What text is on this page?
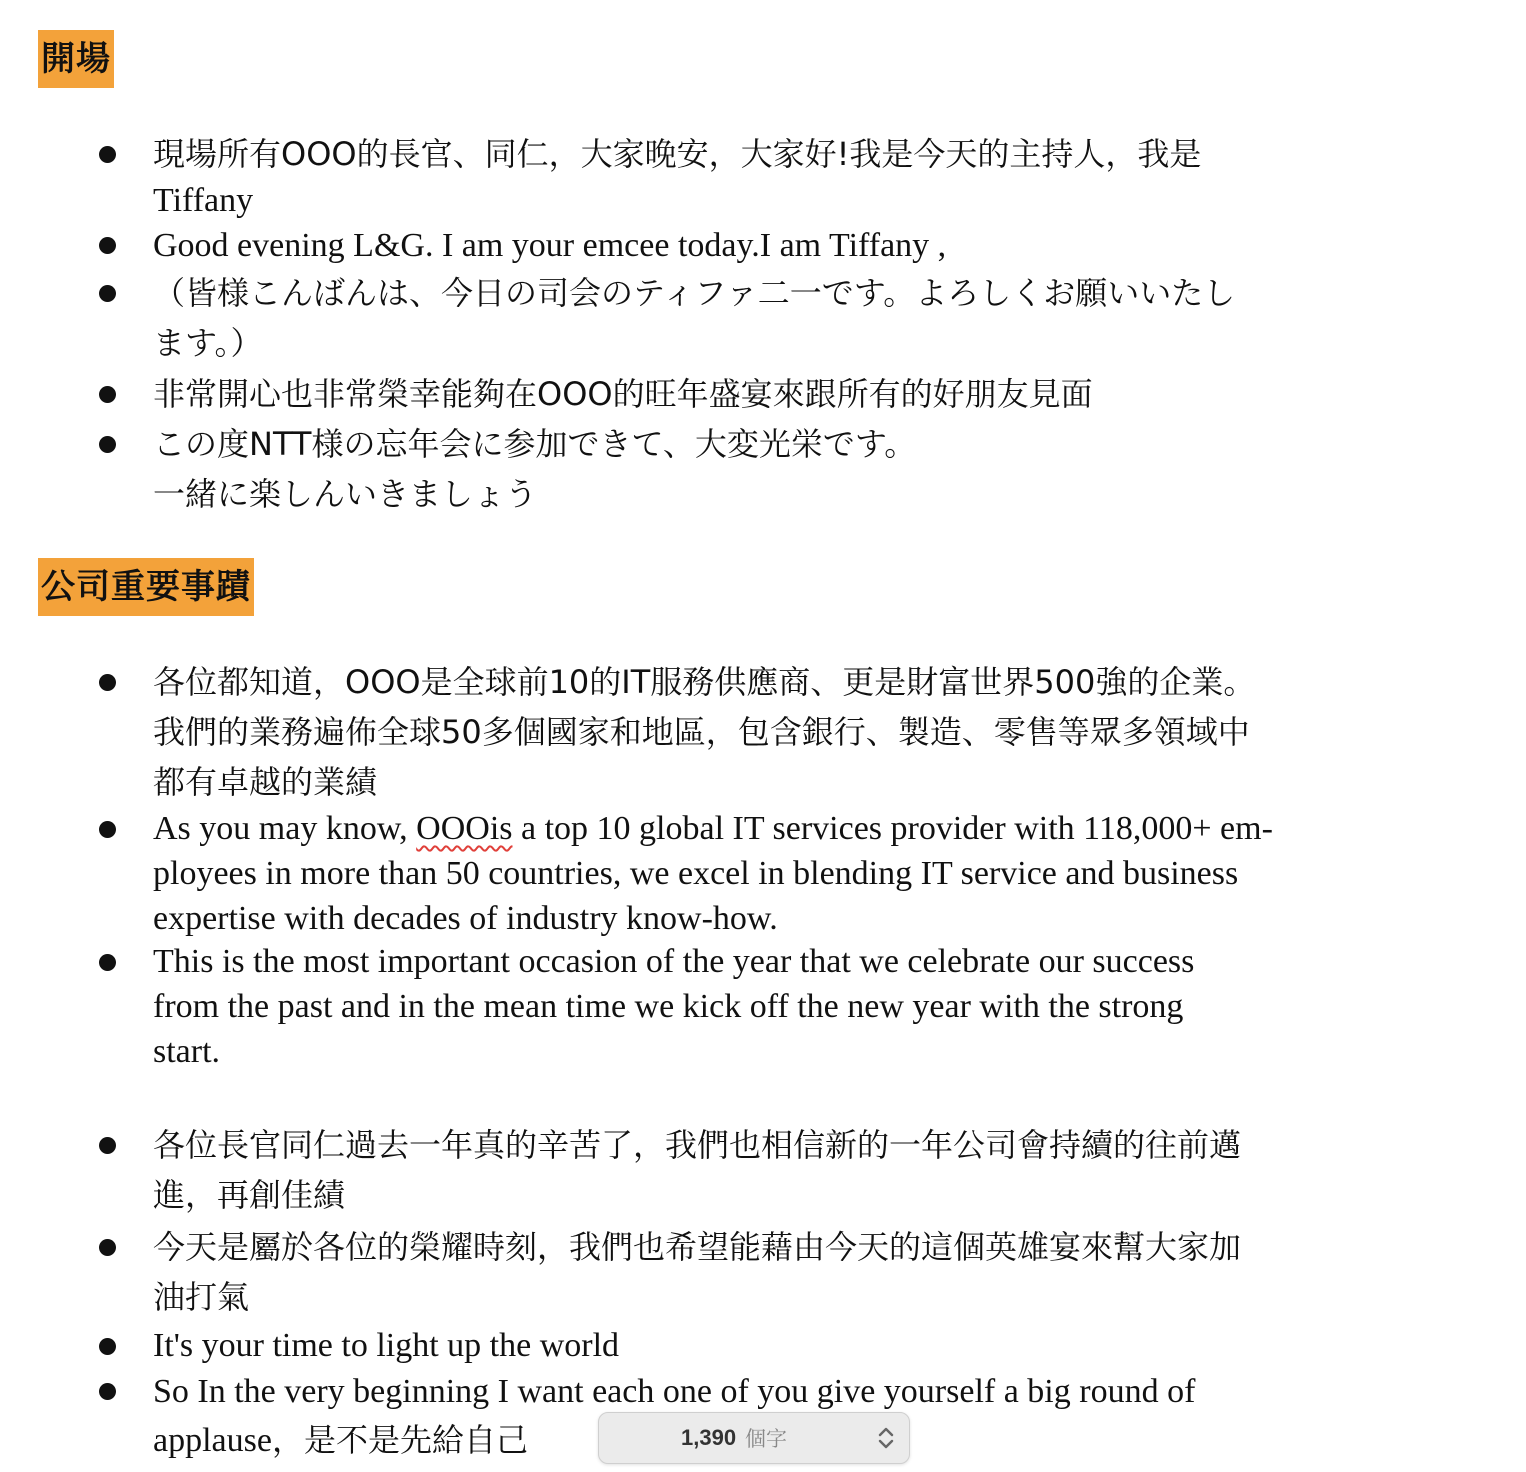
開場
現場所有OOO的長官、同仁，大家晚安，大家好!我是今天的主持人，我是
Tiffany
Good evening L&G. I am your emcee today.I am Tiffany ,
（皆様こんばんは、今日の司会のティファ二一です。よろしくお願いいたし
ます。）
非常開心也非常榮幸能夠在OOO的旺年盛宴來跟所有的好朋友見面
この度NTT様の忘年会に参加できて、大変光栄です。
一緒に楽しんいきましょう
公司重要事蹟
各位都知道，OOO是全球前10的IT服務供應商、更是財富世界500強的企業。
我們的業務遍佈全球50多個國家和地區，包含銀行、製造、零售等眾多領域中
都有卓越的業績
As you may know, OOOis a top 10 global IT services provider with 118,000+ em-
ployees in more than 50 countries, we excel in blending IT service and business
expertise with decades of industry know-how.
This is the most important occasion of the year that we celebrate our success
from the past and in the mean time we kick off the new year with the strong
start.
各位長官同仁過去一年真的辛苦了，我們也相信新的一年公司會持續的往前邁
進，再創佳績
今天是屬於各位的榮耀時刻，我們也希望能藉由今天的這個英雄宴來幫大家加
油打氣
It's your time to light up the world
So In the very beginning I want each one of you give yourself a big round of
applause，是不是先給自己	1,390 個字
